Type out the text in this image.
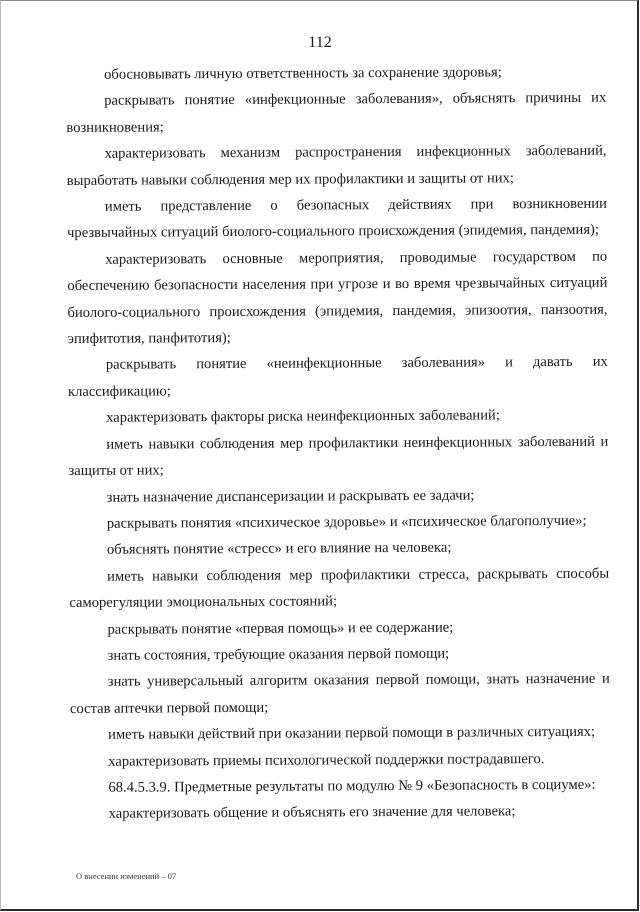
112

обосновывать личную ответственность за сохранение здоровья;

раскрывать понятие «инфекционные заболевания», объяснять причины их возникновения;

характеризовать механизм распространения инфекционных заболеваний, выработать навыки соблюдения мер их профилактики и защиты от них;

иметь представление о безопасных действиях при возникновении чрезвычайных ситуаций биолого-социального происхождения (эпидемия, пандемия);

характеризовать основные мероприятия, проводимые государством по обеспечению безопасности населения при угрозе и во время чрезвычайных ситуаций биолого-социального происхождения (эпидемия, пандемия, эпизоотия, панзоотия, эпифитотия, панфитотия);

раскрывать понятие «неинфекционные заболевания» и давать их классификацию;

характеризовать факторы риска неинфекционных заболеваний;

иметь навыки соблюдения мер профилактики неинфекционных заболеваний и защиты от них;

знать назначение диспансеризации и раскрывать ее задачи;

раскрывать понятия «психическое здоровье» и «психическое благополучие»;

объяснять понятие «стресс» и его влияние на человека;

иметь навыки соблюдения мер профилактики стресса, раскрывать способы саморегуляции эмоциональных состояний;

раскрывать понятие «первая помощь» и ее содержание;

знать состояния, требующие оказания первой помощи;

знать универсальный алгоритм оказания первой помощи, знать назначение и состав аптечки первой помощи;

иметь навыки действий при оказании первой помощи в различных ситуациях;

характеризовать приемы психологической поддержки пострадавшего.

68.4.5.3.9. Предметные результаты по модулю № 9 «Безопасность в социуме»:

характеризовать общение и объяснять его значение для человека;

О внесении изменений – 07
